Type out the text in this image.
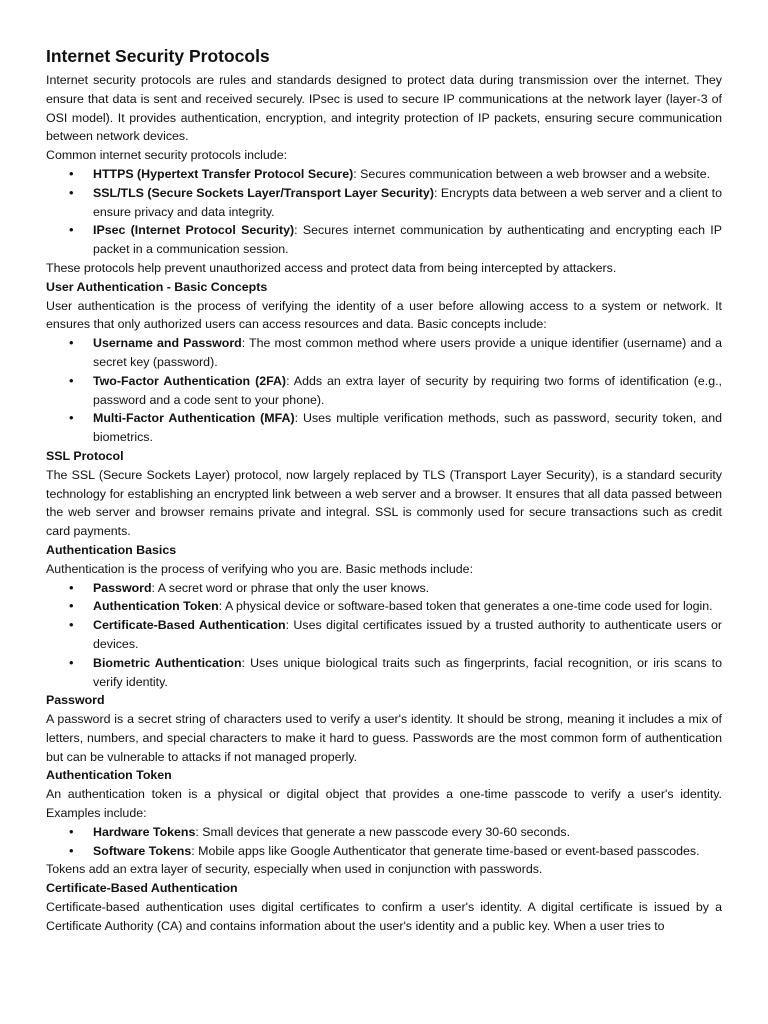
Internet Security Protocols

Internet security protocols are rules and standards designed to protect data during transmission over the internet. They ensure that data is sent and received securely. IPsec is used to secure IP communications at the network layer (layer-3 of OSI model). It provides authentication, encryption, and integrity protection of IP packets, ensuring secure communication between network devices.

Common internet security protocols include:

• HTTPS (Hypertext Transfer Protocol Secure): Secures communication between a web browser and a website.
• SSL/TLS (Secure Sockets Layer/Transport Layer Security): Encrypts data between a web server and a client to ensure privacy and data integrity.
• IPsec (Internet Protocol Security): Secures internet communication by authenticating and encrypting each IP packet in a communication session.

These protocols help prevent unauthorized access and protect data from being intercepted by attackers.

User Authentication - Basic Concepts

User authentication is the process of verifying the identity of a user before allowing access to a system or network. It ensures that only authorized users can access resources and data. Basic concepts include:

• Username and Password: The most common method where users provide a unique identifier (username) and a secret key (password).
• Two-Factor Authentication (2FA): Adds an extra layer of security by requiring two forms of identification (e.g., password and a code sent to your phone).
• Multi-Factor Authentication (MFA): Uses multiple verification methods, such as password, security token, and biometrics.
SSL Protocol

The SSL (Secure Sockets Layer) protocol, now largely replaced by TLS (Transport Layer Security), is a standard security technology for establishing an encrypted link between a web server and a browser. It ensures that all data passed between the web server and browser remains private and integral. SSL is commonly used for secure transactions such as credit card payments.

Authentication Basics

Authentication is the process of verifying who you are. Basic methods include:

• Password: A secret word or phrase that only the user knows.
• Authentication Token: A physical device or software-based token that generates a one-time code used for login.
• Certificate-Based Authentication: Uses digital certificates issued by a trusted authority to authenticate users or devices.
• Biometric Authentication: Uses unique biological traits such as fingerprints, facial recognition, or iris scans to verify identity.
Password

A password is a secret string of characters used to verify a user's identity. It should be strong, meaning it includes a mix of letters, numbers, and special characters to make it hard to guess. Passwords are the most common form of authentication but can be vulnerable to attacks if not managed properly.

Authentication Token

An authentication token is a physical or digital object that provides a one-time passcode to verify a user's identity. Examples include:

• Hardware Tokens: Small devices that generate a new passcode every 30-60 seconds.
• Software Tokens: Mobile apps like Google Authenticator that generate time-based or event-based passcodes.

Tokens add an extra layer of security, especially when used in conjunction with passwords.

Certificate-Based Authentication

Certificate-based authentication uses digital certificates to confirm a user's identity. A digital certificate is issued by a Certificate Authority (CA) and contains information about the user's identity and a public key. When a user tries to
